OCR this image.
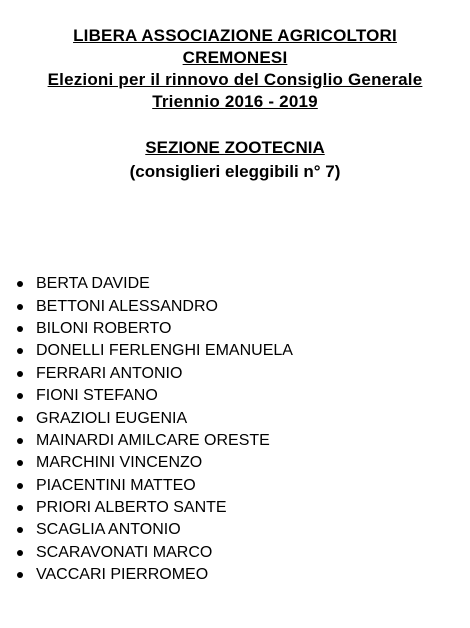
LIBERA ASSOCIAZIONE AGRICOLTORI
CREMONESI
Elezioni per il rinnovo del Consiglio Generale
Triennio 2016 - 2019
SEZIONE ZOOTECNIA
(consiglieri eleggibili n° 7)
BERTA DAVIDE
BETTONI ALESSANDRO
BILONI ROBERTO
DONELLI FERLENGHI EMANUELA
FERRARI ANTONIO
FIONI STEFANO
GRAZIOLI EUGENIA
MAINARDI AMILCARE ORESTE
MARCHINI VINCENZO
PIACENTINI MATTEO
PRIORI ALBERTO SANTE
SCAGLIA ANTONIO
SCARAVONATI MARCO
VACCARI PIERROMEO
